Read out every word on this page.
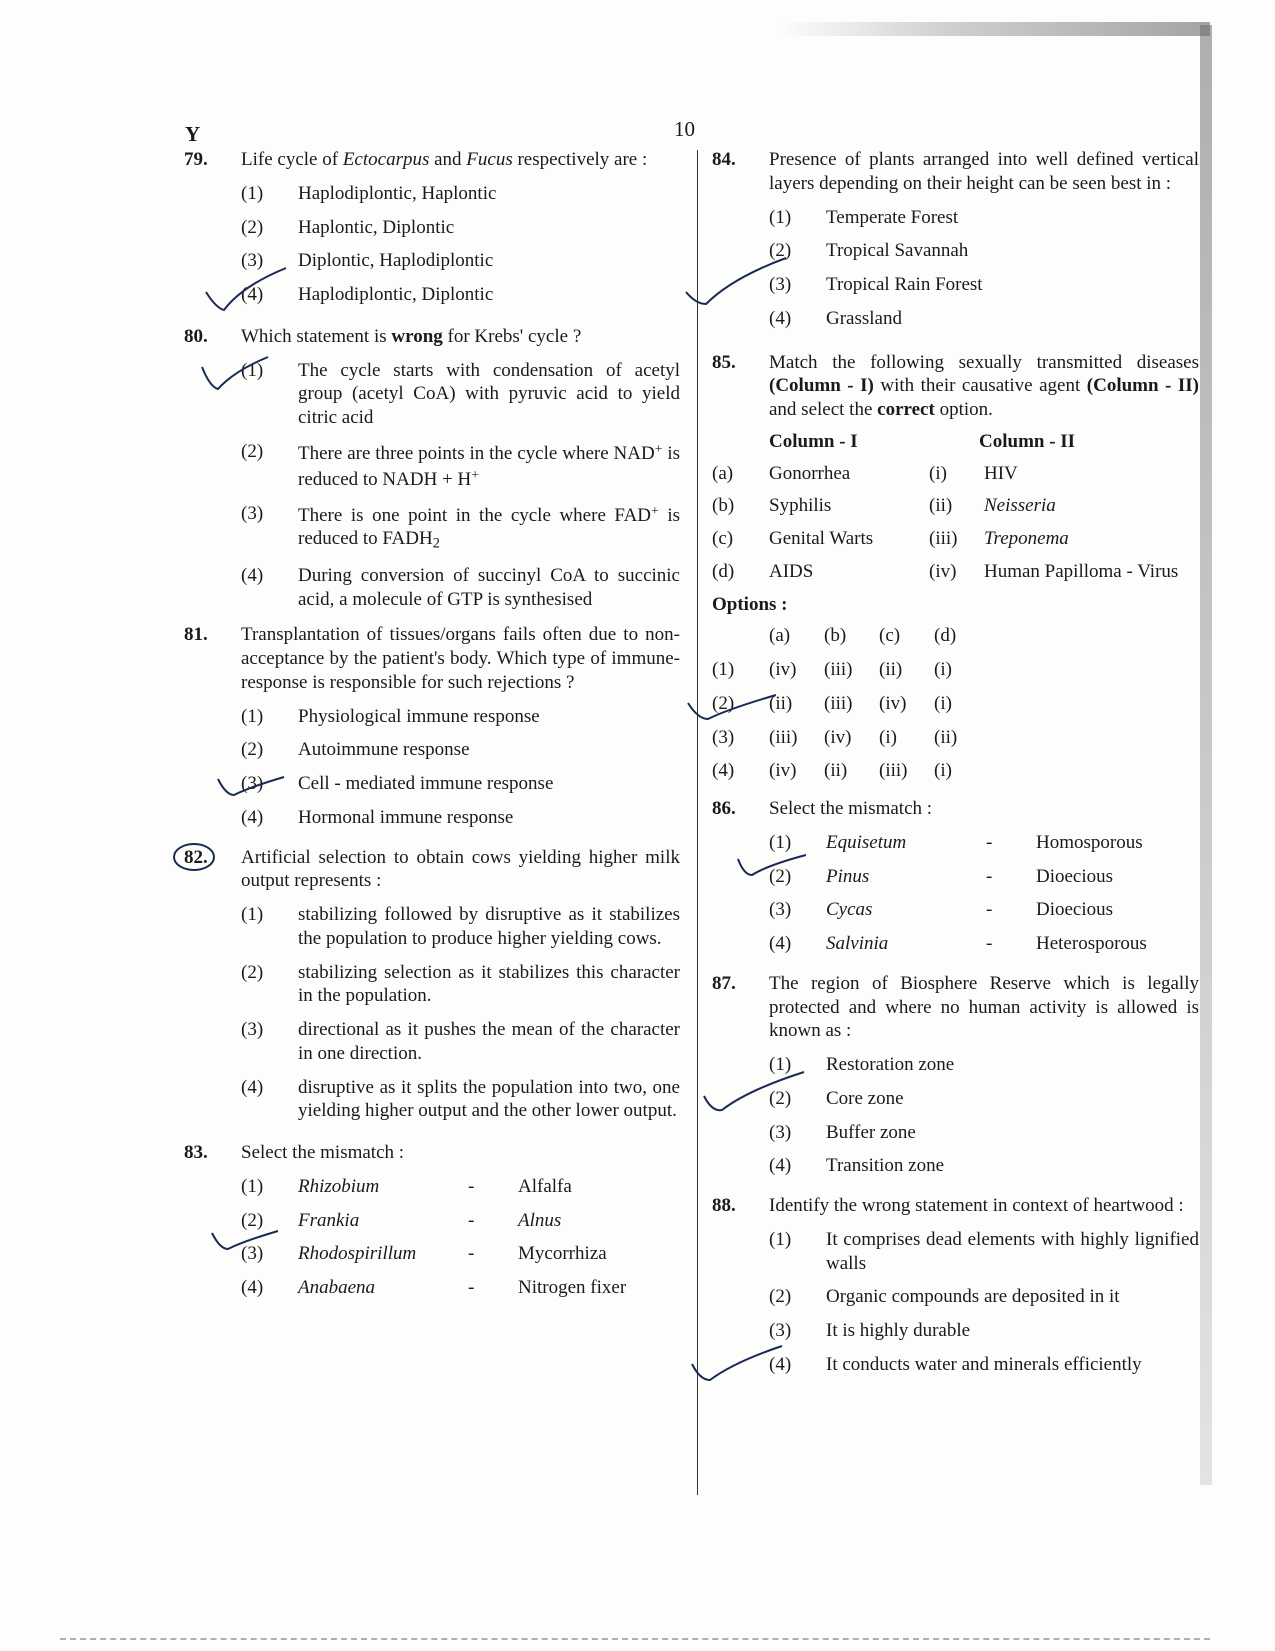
Y	10
79. Life cycle of Ectocarpus and Fucus respectively are :
(1)	Haplodiplontic, Haplontic
(2)	Haplontic, Diplontic
(3)	Diplontic, Haplodiplontic
(4)	Haplodiplontic, Diplontic
80. Which statement is wrong for Krebs' cycle ?
(1)	The cycle starts with condensation of acetyl group (acetyl CoA) with pyruvic acid to yield citric acid
(2)	There are three points in the cycle where NAD+ is reduced to NADH + H+
(3)	There is one point in the cycle where FAD+ is reduced to $FADH_2$
(4)	During conversion of succinyl CoA to succinic acid, a molecule of GTP is synthesised
81. Transplantation of tissues/organs fails often due to non-acceptance by the patient's body. Which type of immune-response is responsible for such rejections ?
(1)	Physiological immune response
(2)	Autoimmune response
(3)	Cell - mediated immune response
(4)	Hormonal immune response
82. Artificial selection to obtain cows yielding higher milk output represents :
(1)	stabilizing followed by disruptive as it stabilizes the population to produce higher yielding cows.
(2)	stabilizing selection as it stabilizes this character in the population.
(3)	directional as it pushes the mean of the character in one direction.
(4)	disruptive as it splits the population into two, one yielding higher output and the other lower output.
83. Select the mismatch :
(1)	Rhizobium	-	Alfalfa
(2)	Frankia	-	Alnus
(3)	Rhodospirillum	-	Mycorrhiza
(4)	Anabaena	-	Nitrogen fixer
84. Presence of plants arranged into well defined vertical layers depending on their height can be seen best in :
(1)	Temperate Forest
(2)	Tropical Savannah
(3)	Tropical Rain Forest
(4)	Grassland
85. Match the following sexually transmitted diseases (Column - I) with their causative agent (Column - II) and select the correct option.
Column - I	Column - II
(a)	Gonorrhea	(i)	HIV
(b)	Syphilis	(ii)	Neisseria
(c)	Genital Warts	(iii)	Treponema
(d)	AIDS	(iv)	Human Papilloma - Virus
Options :
(a)	(b)	(c)	(d)
(1)	(iv)	(iii)	(ii)	(i)
(2)	(ii)	(iii)	(iv)	(i)
(3)	(iii)	(iv)	(i)	(ii)
(4)	(iv)	(ii)	(iii)	(i)
86. Select the mismatch :
(1)	Equisetum	-	Homosporous
(2)	Pinus	-	Dioecious
(3)	Cycas	-	Dioecious
(4)	Salvinia	-	Heterosporous
87. The region of Biosphere Reserve which is legally protected and where no human activity is allowed is known as :
(1)	Restoration zone
(2)	Core zone
(3)	Buffer zone
(4)	Transition zone
88. Identify the wrong statement in context of heartwood :
(1)	It comprises dead elements with highly lignified walls
(2)	Organic compounds are deposited in it
(3)	It is highly durable
(4)	It conducts water and minerals efficiently
